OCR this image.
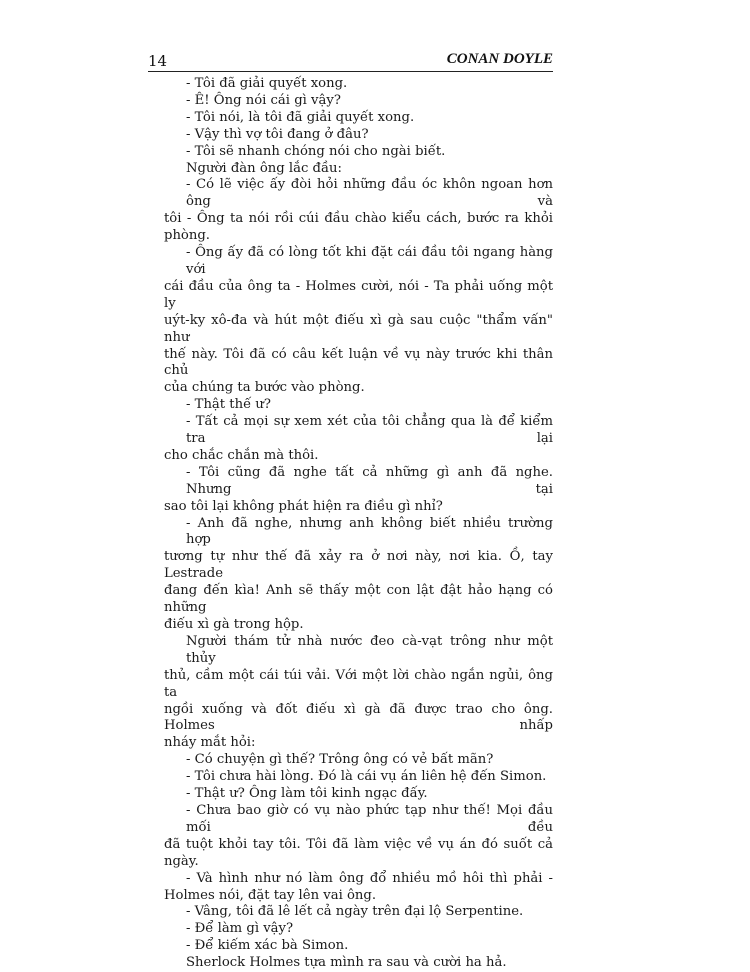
14	CONAN DOYLE
- Tôi đã giải quyết xong.
- Ê! Ông nói cái gì vậy?
- Tôi nói, là tôi đã giải quyết xong.
- Vậy thì vợ tôi đang ở đâu?
- Tôi sẽ nhanh chóng nói cho ngài biết.
Người đàn ông lắc đầu:
- Có lẽ việc ấy đòi hỏi những đầu óc khôn ngoan hơn ông và
tôi - Ông ta nói rồi cúi đầu chào kiểu cách, bước ra khỏi phòng.
- Ông ấy đã có lòng tốt khi đặt cái đầu tôi ngang hàng với
cái đầu của ông ta - Holmes cười, nói - Ta phải uống một ly
uýt-ky xô-đa và hút một điếu xì gà sau cuộc "thẩm vấn" như
thế này. Tôi đã có câu kết luận về vụ này trước khi thân chủ
của chúng ta bước vào phòng.
- Thật thế ư?
- Tất cả mọi sự xem xét của tôi chẳng qua là để kiểm tra lại
cho chắc chắn mà thôi.
- Tôi cũng đã nghe tất cả những gì anh đã nghe. Nhưng tại
sao tôi lại không phát hiện ra điều gì nhỉ?
- Anh đã nghe, nhưng anh không biết nhiều trường hợp
tương tự như thế đã xảy ra ở nơi này, nơi kia. Ồ, tay Lestrade
đang đến kìa! Anh sẽ thấy một con lật đật hảo hạng có những
điếu xì gà trong hộp.
Người thám tử nhà nước đeo cà-vạt trông như một thủy
thủ, cầm một cái túi vải. Với một lời chào ngắn ngủi, ông ta
ngồi xuống và đốt điếu xì gà đã được trao cho ông. Holmes nhấp
nháy mắt hỏi:
- Có chuyện gì thế? Trông ông có vẻ bất mãn?
- Tôi chưa hài lòng. Đó là cái vụ án liên hệ đến Simon.
- Thật ư? Ông làm tôi kinh ngạc đấy.
- Chưa bao giờ có vụ nào phức tạp như thế! Mọi đầu mối đều
đã tuột khỏi tay tôi. Tôi đã làm việc về vụ án đó suốt cả ngày.
- Và hình như nó làm ông đổ nhiều mồ hôi thì phải -
Holmes nói, đặt tay lên vai ông.
- Vâng, tôi đã lê lết cả ngày trên đại lộ Serpentine.
- Để làm gì vậy?
- Để kiếm xác bà Simon.
Sherlock Holmes tựa mình ra sau và cười ha hả.
